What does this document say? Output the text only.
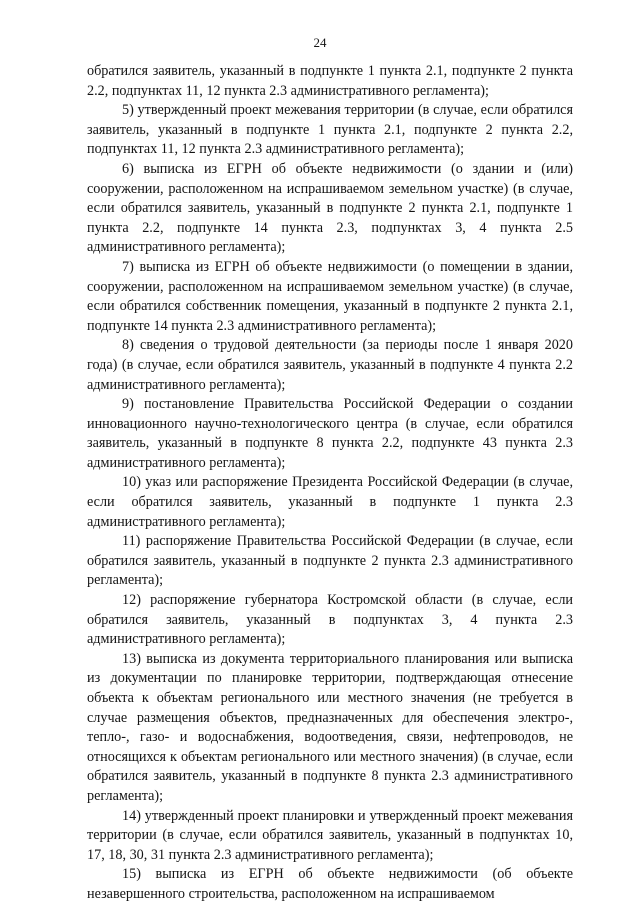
24

обратился заявитель, указанный в подпункте 1 пункта 2.1, подпункте 2 пункта 2.2, подпунктах 11, 12 пункта 2.3 административного регламента);

5) утвержденный проект межевания территории (в случае, если обратился заявитель, указанный в подпункте 1 пункта 2.1, подпункте 2 пункта 2.2, подпунктах 11, 12 пункта 2.3 административного регламента);

6) выписка из ЕГРН об объекте недвижимости (о здании и (или) сооружении, расположенном на испрашиваемом земельном участке) (в случае, если обратился заявитель, указанный в подпункте 2 пункта 2.1, подпункте 1 пункта 2.2, подпункте 14 пункта 2.3, подпунктах 3, 4 пункта 2.5 административного регламента);

7) выписка из ЕГРН об объекте недвижимости (о помещении в здании, сооружении, расположенном на испрашиваемом земельном участке) (в случае, если обратился собственник помещения, указанный в подпункте 2 пункта 2.1, подпункте 14 пункта 2.3 административного регламента);

8) сведения о трудовой деятельности (за периоды после 1 января 2020 года) (в случае, если обратился заявитель, указанный в подпункте 4 пункта 2.2 административного регламента);

9) постановление Правительства Российской Федерации о создании инновационного научно-технологического центра (в случае, если обратился заявитель, указанный в подпункте 8 пункта 2.2, подпункте 43 пункта 2.3 административного регламента);

10) указ или распоряжение Президента Российской Федерации (в случае, если обратился заявитель, указанный в подпункте 1 пункта 2.3 административного регламента);

11) распоряжение Правительства Российской Федерации (в случае, если обратился заявитель, указанный в подпункте 2 пункта 2.3 административного регламента);

12) распоряжение губернатора Костромской области (в случае, если обратился заявитель, указанный в подпунктах 3, 4 пункта 2.3 административного регламента);

13) выписка из документа территориального планирования или выписка из документации по планировке территории, подтверждающая отнесение объекта к объектам регионального или местного значения (не требуется в случае размещения объектов, предназначенных для обеспечения электро-, тепло-, газо- и водоснабжения, водоотведения, связи, нефтепроводов, не относящихся к объектам регионального или местного значения) (в случае, если обратился заявитель, указанный в подпункте 8 пункта 2.3 административного регламента);

14) утвержденный проект планировки и утвержденный проект межевания территории (в случае, если обратился заявитель, указанный в подпунктах 10, 17, 18, 30, 31 пункта 2.3 административного регламента);

15) выписка из ЕГРН об объекте недвижимости (об объекте незавершенного строительства, расположенном на испрашиваемом
